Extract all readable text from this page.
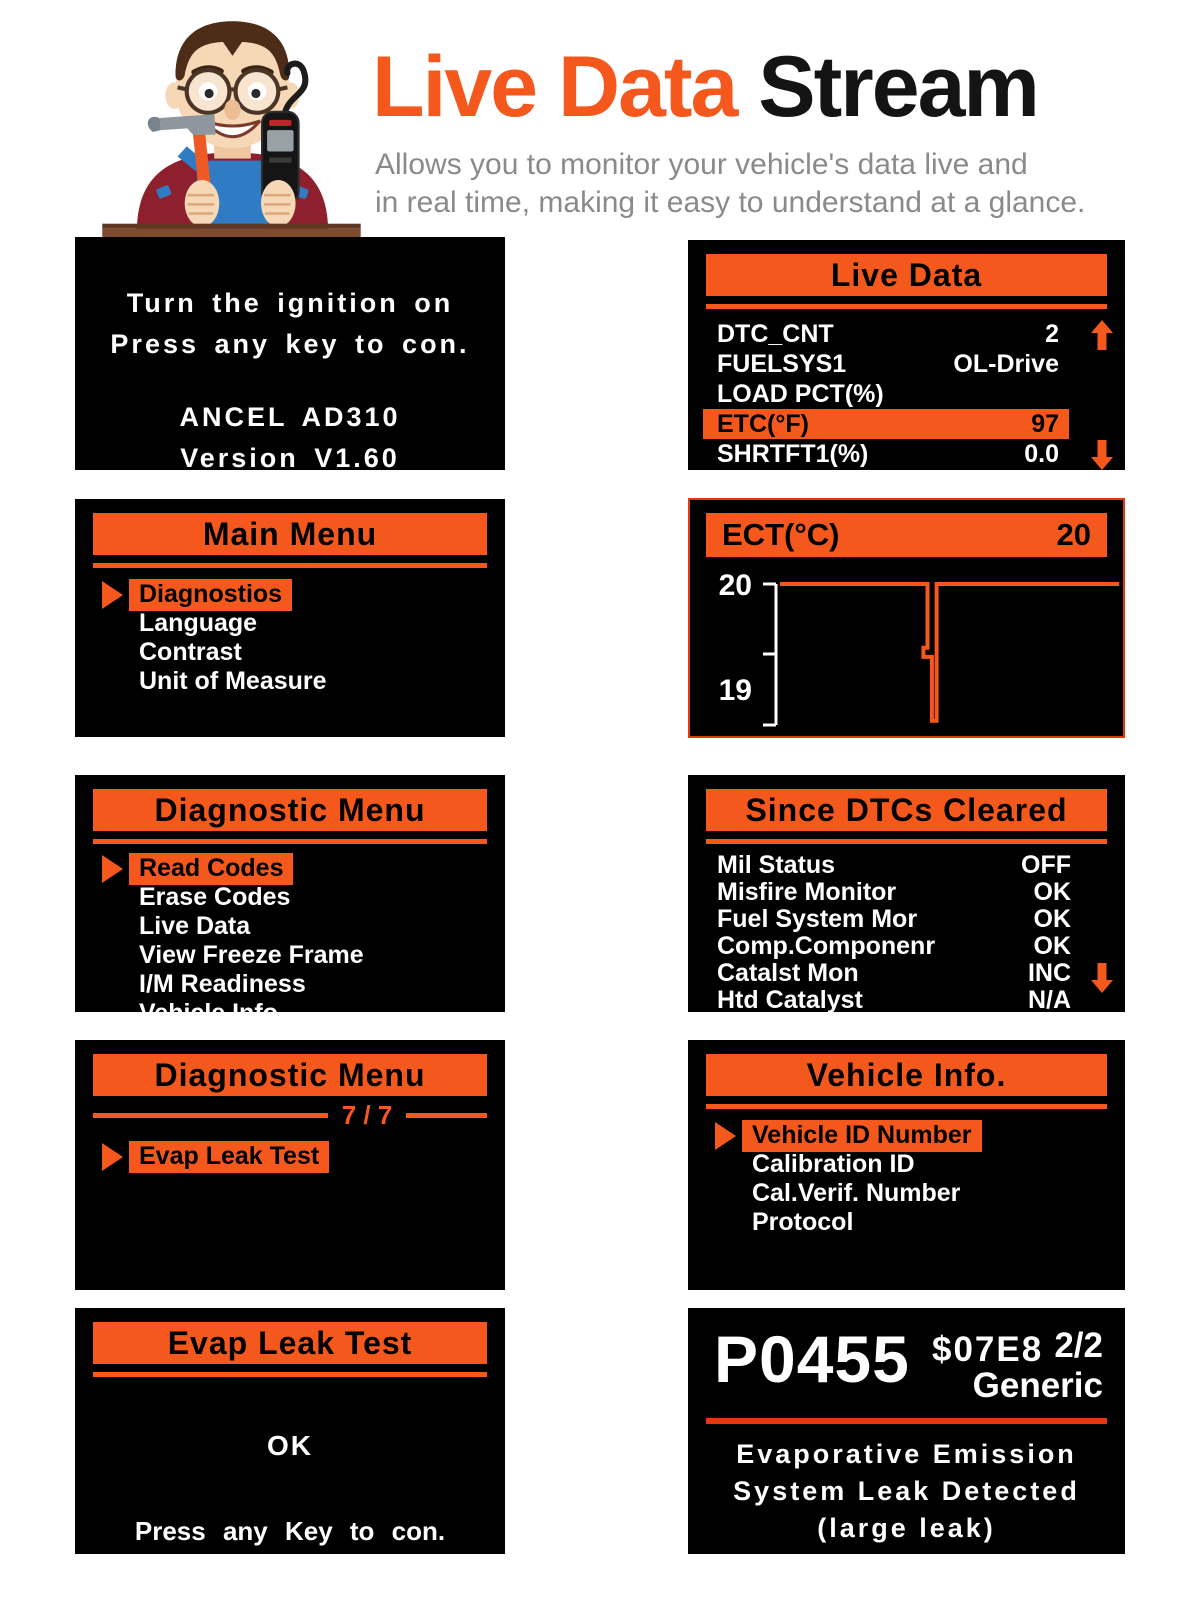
Live Data Stream
Allows you to monitor your vehicle's data live and
in real time, making it easy to understand at a glance.
Turn the ignition on
Press any key to con.
ANCEL AD310
Version V1.60
Live Data
DTC_CNT	2
FUELSYS1	OL-Drive
LOAD PCT(%)
ETC(°F)	97
SHRTFT1(%)	0.0
RPM(/min)	891
Main Menu
Diagnostios
Language
Contrast
Unit of Measure
ECT(°C)	20
20
19
Diagnostic Menu
Read Codes
Erase Codes
Live Data
View Freeze Frame
I/M Readiness
Vehicle Info.
Since DTCs Cleared
Mil Status	OFF
Misfire Monitor	OK
Fuel System Mor	OK
Comp.Componenr	OK
Catalst Mon	INC
Htd Catalyst	N/A
Diagnostic Menu
7 / 7
Evap Leak Test
Vehicle Info.
Vehicle ID Number
Calibration ID
Cal.Verif. Number
Protocol
Evap Leak Test
OK
Press any Key to con.
P0455 $07E8 2/2
Generic
Evaporative Emission
System Leak Detected
(large leak)
